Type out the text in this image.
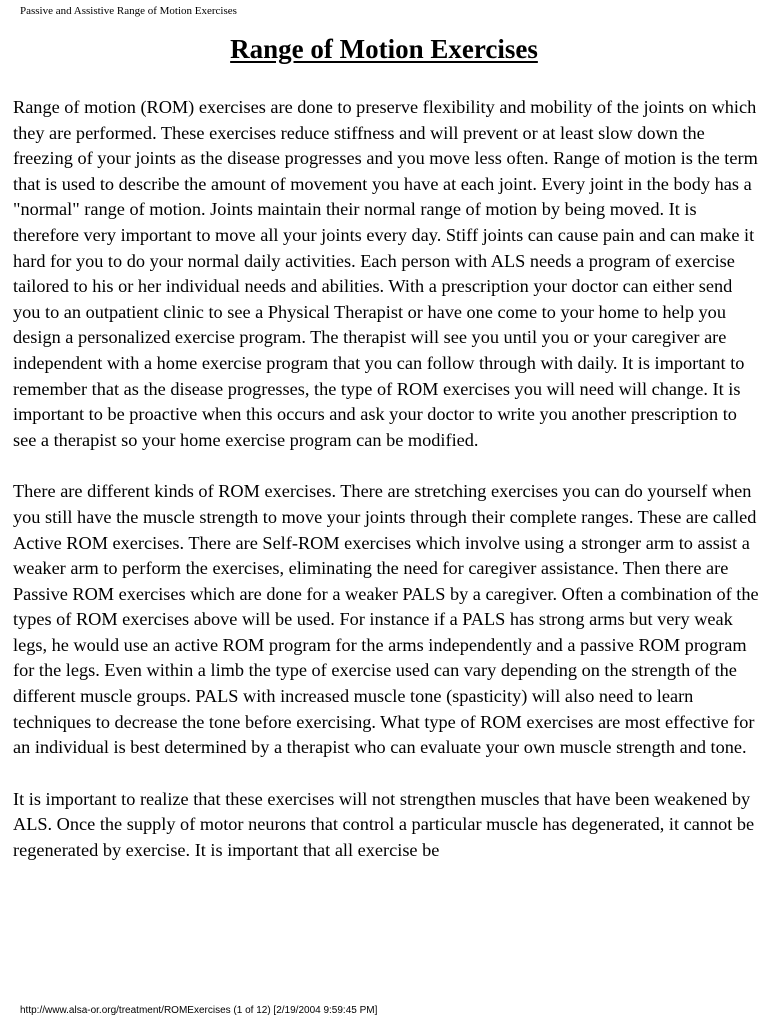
Passive and Assistive Range of Motion Exercises
Range of Motion Exercises

Range of motion (ROM) exercises are done to preserve flexibility and mobility of the joints on which they are performed. These exercises reduce stiffness and will prevent or at least slow down the freezing of your joints as the disease progresses and you move less often. Range of motion is the term that is used to describe the amount of movement you have at each joint. Every joint in the body has a "normal" range of motion. Joints maintain their normal range of motion by being moved. It is therefore very important to move all your joints every day. Stiff joints can cause pain and can make it hard for you to do your normal daily activities. Each person with ALS needs a program of exercise tailored to his or her individual needs and abilities. With a prescription your doctor can either send you to an outpatient clinic to see a Physical Therapist or have one come to your home to help you design a personalized exercise program. The therapist will see you until you or your caregiver are independent with a home exercise program that you can follow through with daily. It is important to remember that as the disease progresses, the type of ROM exercises you will need will change. It is important to be proactive when this occurs and ask your doctor to write you another prescription to see a therapist so your home exercise program can be modified.

There are different kinds of ROM exercises. There are stretching exercises you can do yourself when you still have the muscle strength to move your joints through their complete ranges. These are called Active ROM exercises. There are Self-ROM exercises which involve using a stronger arm to assist a weaker arm to perform the exercises, eliminating the need for caregiver assistance. Then there are Passive ROM exercises which are done for a weaker PALS by a caregiver. Often a combination of the types of ROM exercises above will be used. For instance if a PALS has strong arms but very weak legs, he would use an active ROM program for the arms independently and a passive ROM program for the legs. Even within a limb the type of exercise used can vary depending on the strength of the different muscle groups. PALS with increased muscle tone (spasticity) will also need to learn techniques to decrease the tone before exercising. What type of ROM exercises are most effective for an individual is best determined by a therapist who can evaluate your own muscle strength and tone.

It is important to realize that these exercises will not strengthen muscles that have been weakened by ALS. Once the supply of motor neurons that control a particular muscle has degenerated, it cannot be regenerated by exercise. It is important that all exercise be

http://www.alsa-or.org/treatment/ROMExercises (1 of 12) [2/19/2004 9:59:45 PM]
